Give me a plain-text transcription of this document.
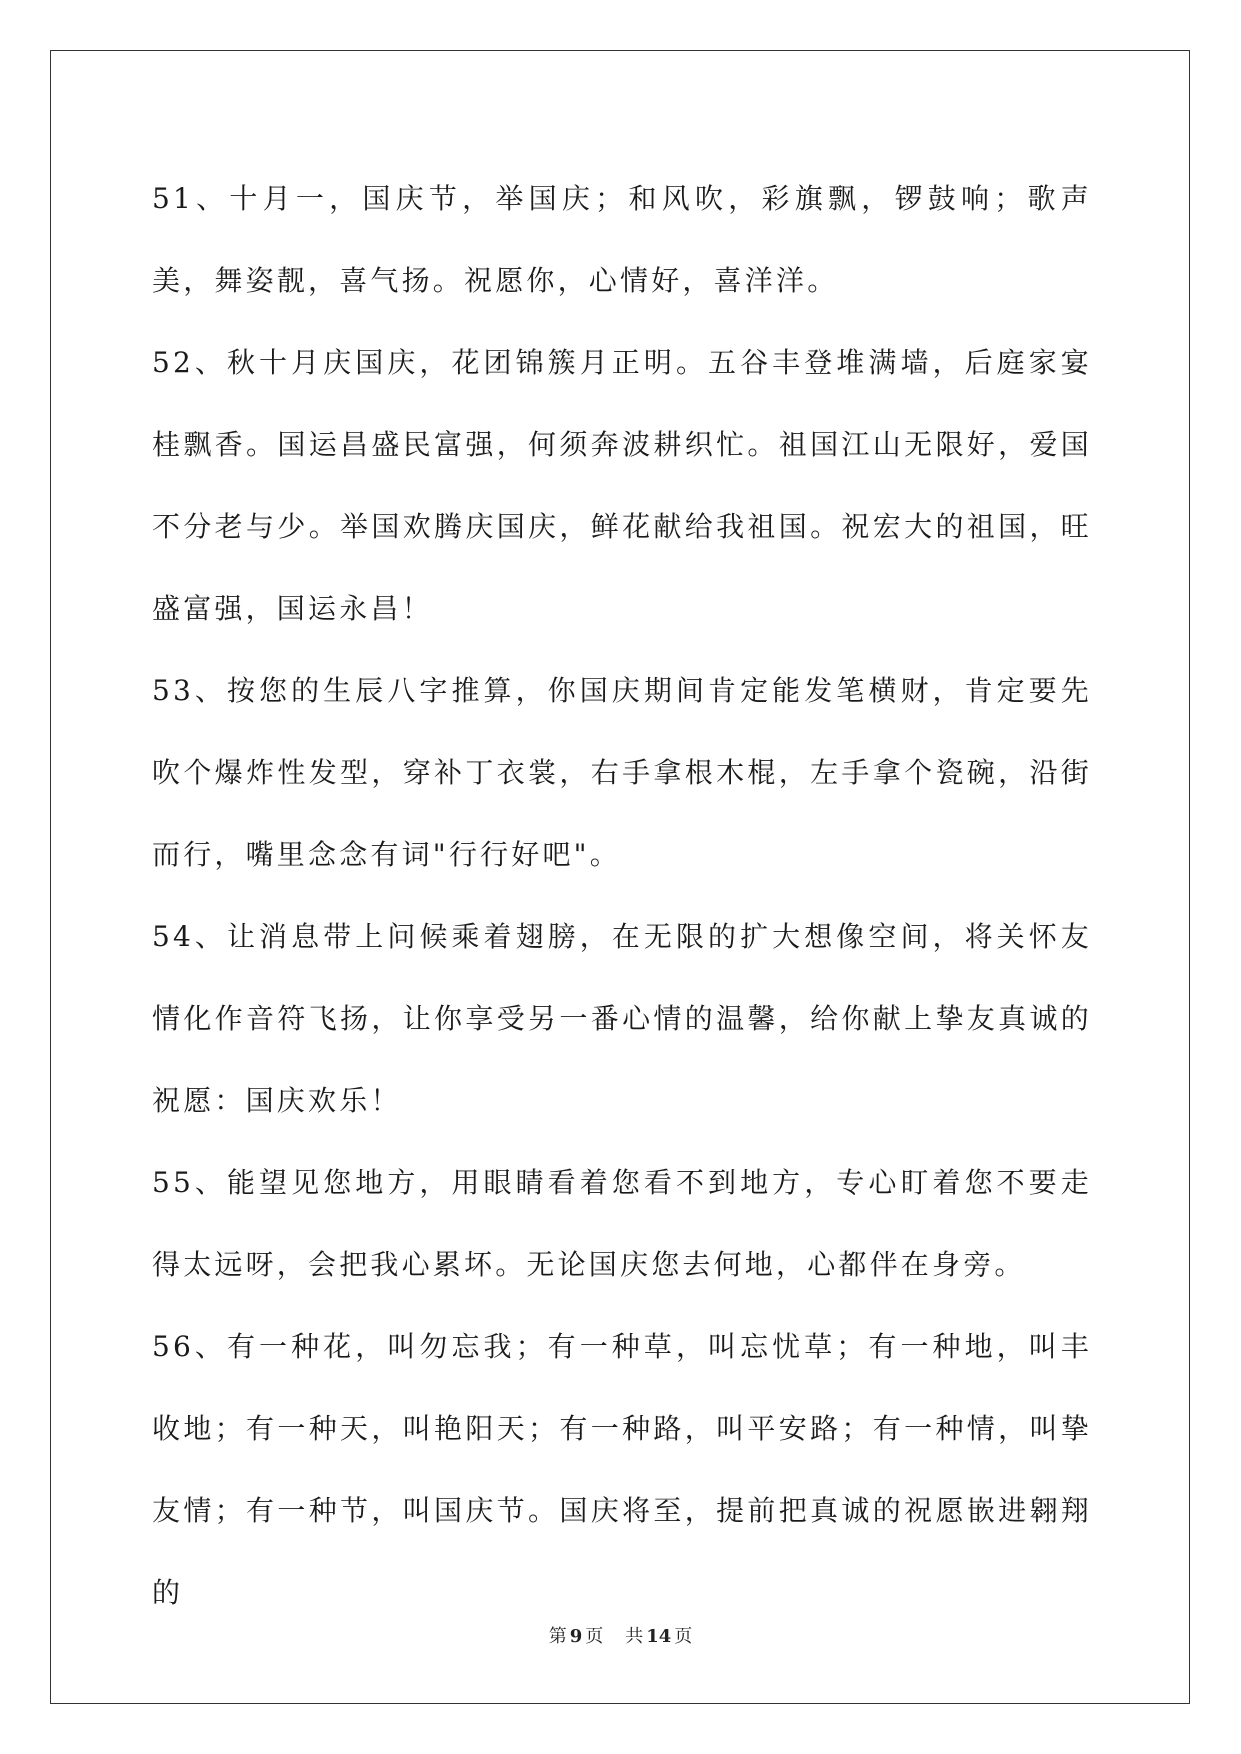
51、十月一，国庆节，举国庆；和风吹，彩旗飘，锣鼓响；歌声美，舞姿靓，喜气扬。祝愿你，心情好，喜洋洋。

52、秋十月庆国庆，花团锦簇月正明。五谷丰登堆满墙，后庭家宴桂飘香。国运昌盛民富强，何须奔波耕织忙。祖国江山无限好，爱国不分老与少。举国欢腾庆国庆，鲜花献给我祖国。祝宏大的祖国，旺盛富强，国运永昌！

53、按您的生辰八字推算，你国庆期间肯定能发笔横财，肯定要先吹个爆炸性发型，穿补丁衣裳，右手拿根木棍，左手拿个瓷碗，沿街而行，嘴里念念有词"行行好吧"。

54、让消息带上问候乘着翅膀，在无限的扩大想像空间，将关怀友情化作音符飞扬，让你享受另一番心情的温馨，给你献上挚友真诚的祝愿：国庆欢乐！

55、能望见您地方，用眼睛看着您看不到地方，专心盯着您不要走得太远呀，会把我心累坏。无论国庆您去何地，心都伴在身旁。

56、有一种花，叫勿忘我；有一种草，叫忘忧草；有一种地，叫丰收地；有一种天，叫艳阳天；有一种路，叫平安路；有一种情，叫挚友情；有一种节，叫国庆节。国庆将至，提前把真诚的祝愿嵌进翱翔的

第 9 页 共 14 页
